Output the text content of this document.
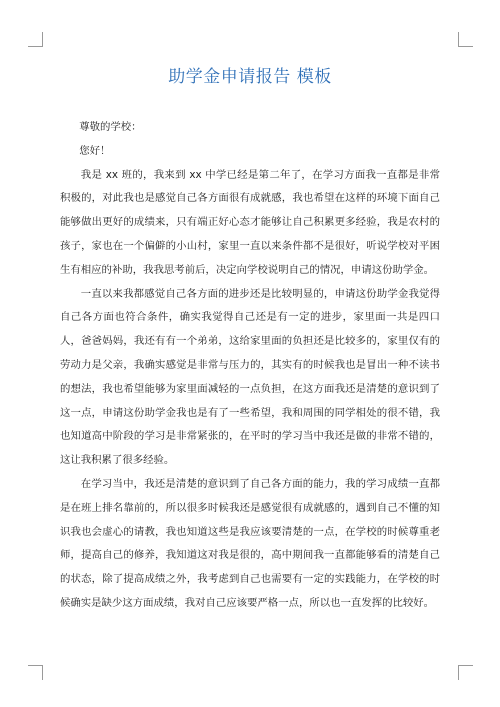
助学金申请报告 模板

尊敬的学校：

您好！

我是 xx 班的，我来到 xx 中学已经是第二年了，在学习方面我一直都是非常积极的，对此我也是感觉自己各方面很有成就感，我也希望在这样的环境下面自己能够做出更好的成绩来，只有端正好心态才能够让自己积累更多经验，我是农村的孩子，家也在一个偏僻的小山村，家里一直以来条件都不是很好，听说学校对平困生有相应的补助，我我思考前后，决定向学校说明自己的情况，申请这份助学金。

一直以来我都感觉自己各方面的进步还是比较明显的，申请这份助学金我觉得自己各方面也符合条件，确实我觉得自己还是有一定的进步，家里面一共是四口人，爸爸妈妈，我还有有一个弟弟，这给家里面的负担还是比较多的，家里仅有的劳动力是父亲，我确实感觉是非常与压力的，其实有的时候我也是冒出一种不读书的想法，我也希望能够为家里面减轻的一点负担，在这方面我还是清楚的意识到了这一点，申请这份助学金我也是有了一些希望，我和周围的同学相处的很不错，我也知道高中阶段的学习是非常紧张的，在平时的学习当中我还是做的非常不错的，这让我积累了很多经验。

在学习当中，我还是清楚的意识到了自己各方面的能力，我的学习成绩一直都是在班上排名靠前的，所以很多时候我还是感觉很有成就感的，遇到自己不懂的知识我也会虚心的请教，我也知道这些是我应该要清楚的一点，在学校的时候尊重老师，提高自己的修养，我知道这对我是很的，高中期间我一直都能够看的清楚自己的状态，除了提高成绩之外，我考虑到自己也需要有一定的实践能力，在学校的时候确实是缺少这方面成绩，我对自己应该要严格一点，所以也一直发挥的比较好。
